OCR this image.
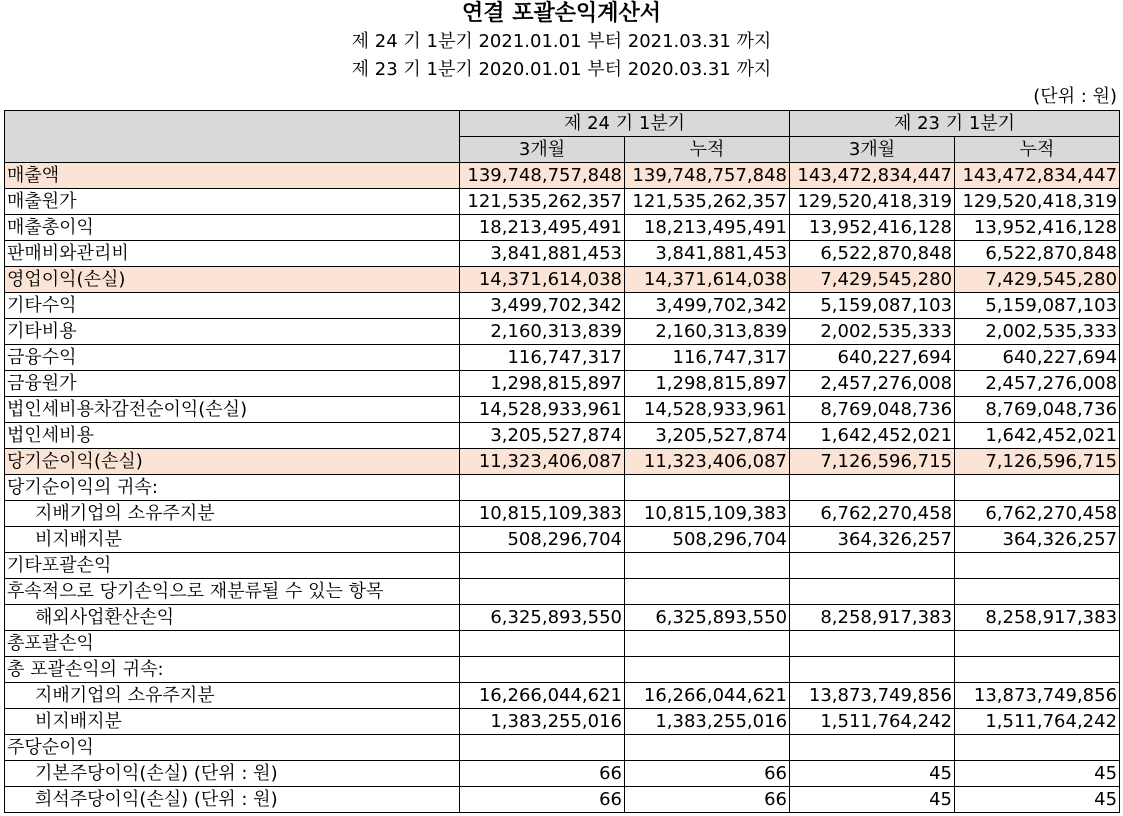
연결 포괄손익계산서
제 24 기 1분기 2021.01.01 부터 2021.03.31 까지
제 23 기 1분기 2020.01.01 부터 2020.03.31 까지
(단위 : 원)
	제 24 기 1분기		제 23 기 1분기	
	3개월	누적	3개월	누적
매출액	139,748,757,848	139,748,757,848	143,472,834,447	143,472,834,447
매출원가	121,535,262,357	121,535,262,357	129,520,418,319	129,520,418,319
매출총이익	18,213,495,491	18,213,495,491	13,952,416,128	13,952,416,128
판매비와관리비	3,841,881,453	3,841,881,453	6,522,870,848	6,522,870,848
영업이익(손실)	14,371,614,038	14,371,614,038	7,429,545,280	7,429,545,280
기타수익	3,499,702,342	3,499,702,342	5,159,087,103	5,159,087,103
기타비용	2,160,313,839	2,160,313,839	2,002,535,333	2,002,535,333
금융수익	116,747,317	116,747,317	640,227,694	640,227,694
금융원가	1,298,815,897	1,298,815,897	2,457,276,008	2,457,276,008
법인세비용차감전순이익(손실)	14,528,933,961	14,528,933,961	8,769,048,736	8,769,048,736
법인세비용	3,205,527,874	3,205,527,874	1,642,452,021	1,642,452,021
당기순이익(손실)	11,323,406,087	11,323,406,087	7,126,596,715	7,126,596,715
당기순이익의 귀속:				
지배기업의 소유주지분	10,815,109,383	10,815,109,383	6,762,270,458	6,762,270,458
비지배지분	508,296,704	508,296,704	364,326,257	364,326,257
기타포괄손익				
후속적으로 당기손익으로 재분류될 수 있는 항목				
해외사업환산손익	6,325,893,550	6,325,893,550	8,258,917,383	8,258,917,383
총포괄손익				
총 포괄손익의 귀속:				
지배기업의 소유주지분	16,266,044,621	16,266,044,621	13,873,749,856	13,873,749,856
비지배지분	1,383,255,016	1,383,255,016	1,511,764,242	1,511,764,242
주당순이익				
기본주당이익(손실) (단위 : 원)	66	66	45	45
희석주당이익(손실) (단위 : 원)	66	66	45	45
